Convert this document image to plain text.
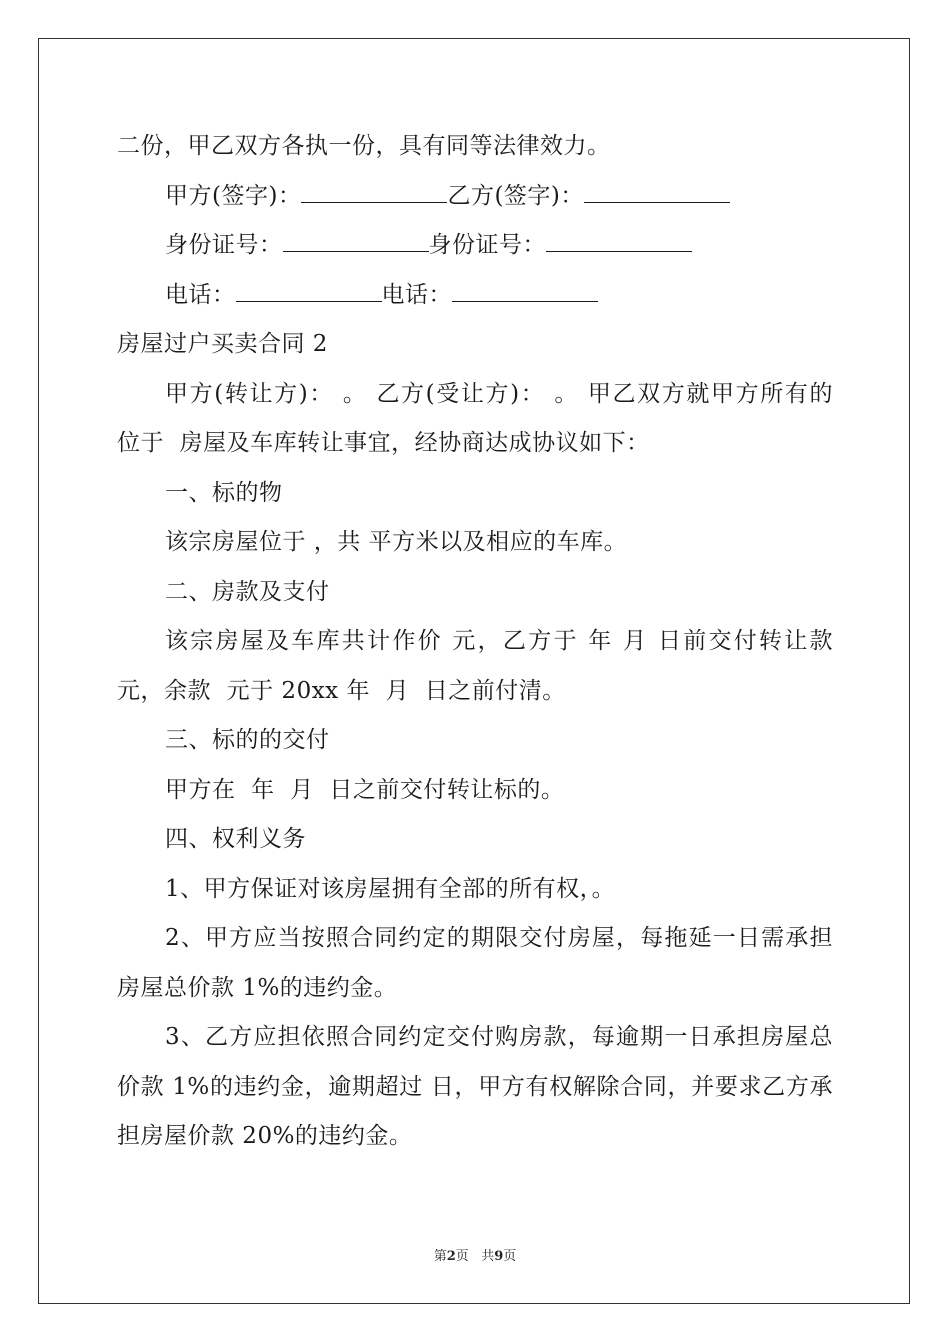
二份，甲乙双方各执一份，具有同等法律效力。
甲方(签字)：	乙方(签字)：
身份证号：	身份证号：
电话：	电话：
房屋过户买卖合同 2
甲方(转让方)： 。 乙方(受让方)： 。 甲乙双方就甲方所有的
位于  房屋及车库转让事宜，经协商达成协议如下：
一、标的物
该宗房屋位于 ，共 平方米以及相应的车库。
二、房款及支付
该宗房屋及车库共计作价 元，乙方于 年 月 日前交付转让款
元，余款  元于 20xx 年  月  日之前付清。
三、标的的交付
甲方在  年  月  日之前交付转让标的。
四、权利义务
1、甲方保证对该房屋拥有全部的所有权，。
2、甲方应当按照合同约定的期限交付房屋，每拖延一日需承担
房屋总价款 1%的违约金。
3、乙方应担依照合同约定交付购房款，每逾期一日承担房屋总
价款 1%的违约金，逾期超过 日，甲方有权解除合同，并要求乙方承
担房屋价款 20%的违约金。
第2页   共9页
